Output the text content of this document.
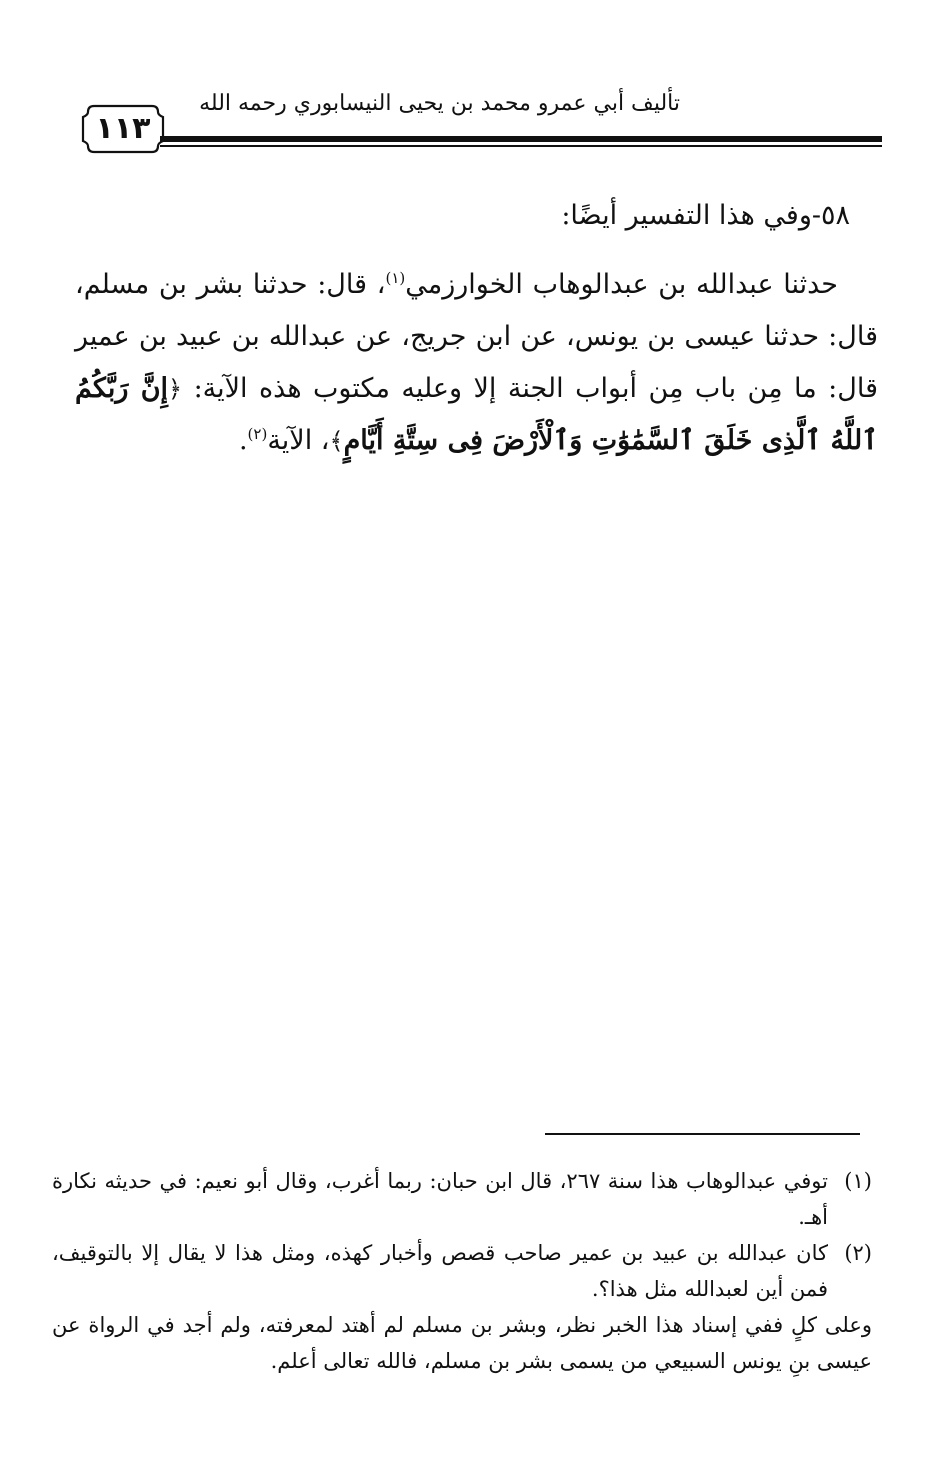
تأليف أبي عمرو محمد بن يحيى النيسابوري رحمه الله
١١٣
٥٨-وفي هذا التفسير أيضًا:

حدثنا عبدالله بن عبدالوهاب الخوارزمي$^{(١)}$، قال: حدثنا بشر بن مسلم، قال: حدثنا عيسى بن يونس، عن ابن جريج، عن عبدالله بن عبيد بن عمير قال: ما مِن باب مِن أبواب الجنة إلا وعليه مكتوب هذه الآية: ﴿إِنَّ رَبَّكُمُ ٱللَّهُ ٱلَّذِى خَلَقَ ٱلسَّمَٰوَٰتِ وَٱلْأَرْضَ فِى سِتَّةِ أَيَّامٍ﴾، الآية$^{(٢)}$.

(١)توفي عبدالوهاب هذا سنة ٢٦٧، قال ابن حبان: ربما أغرب، وقال أبو نعيم: في حديثه نكارة أهـ.

(٢)كان عبدالله بن عبيد بن عمير صاحب قصص وأخبار كهذه، ومثل هذا لا يقال إلا بالتوقيف، فمن أين لعبدالله مثل هذا؟.

وعلى كلٍ ففي إسناد هذا الخبر نظر، وبشر بن مسلم لم أهتد لمعرفته، ولم أجد في الرواة عن عيسى بنِ يونس السبيعي من يسمى بشر بن مسلم، فالله تعالى أعلم.
